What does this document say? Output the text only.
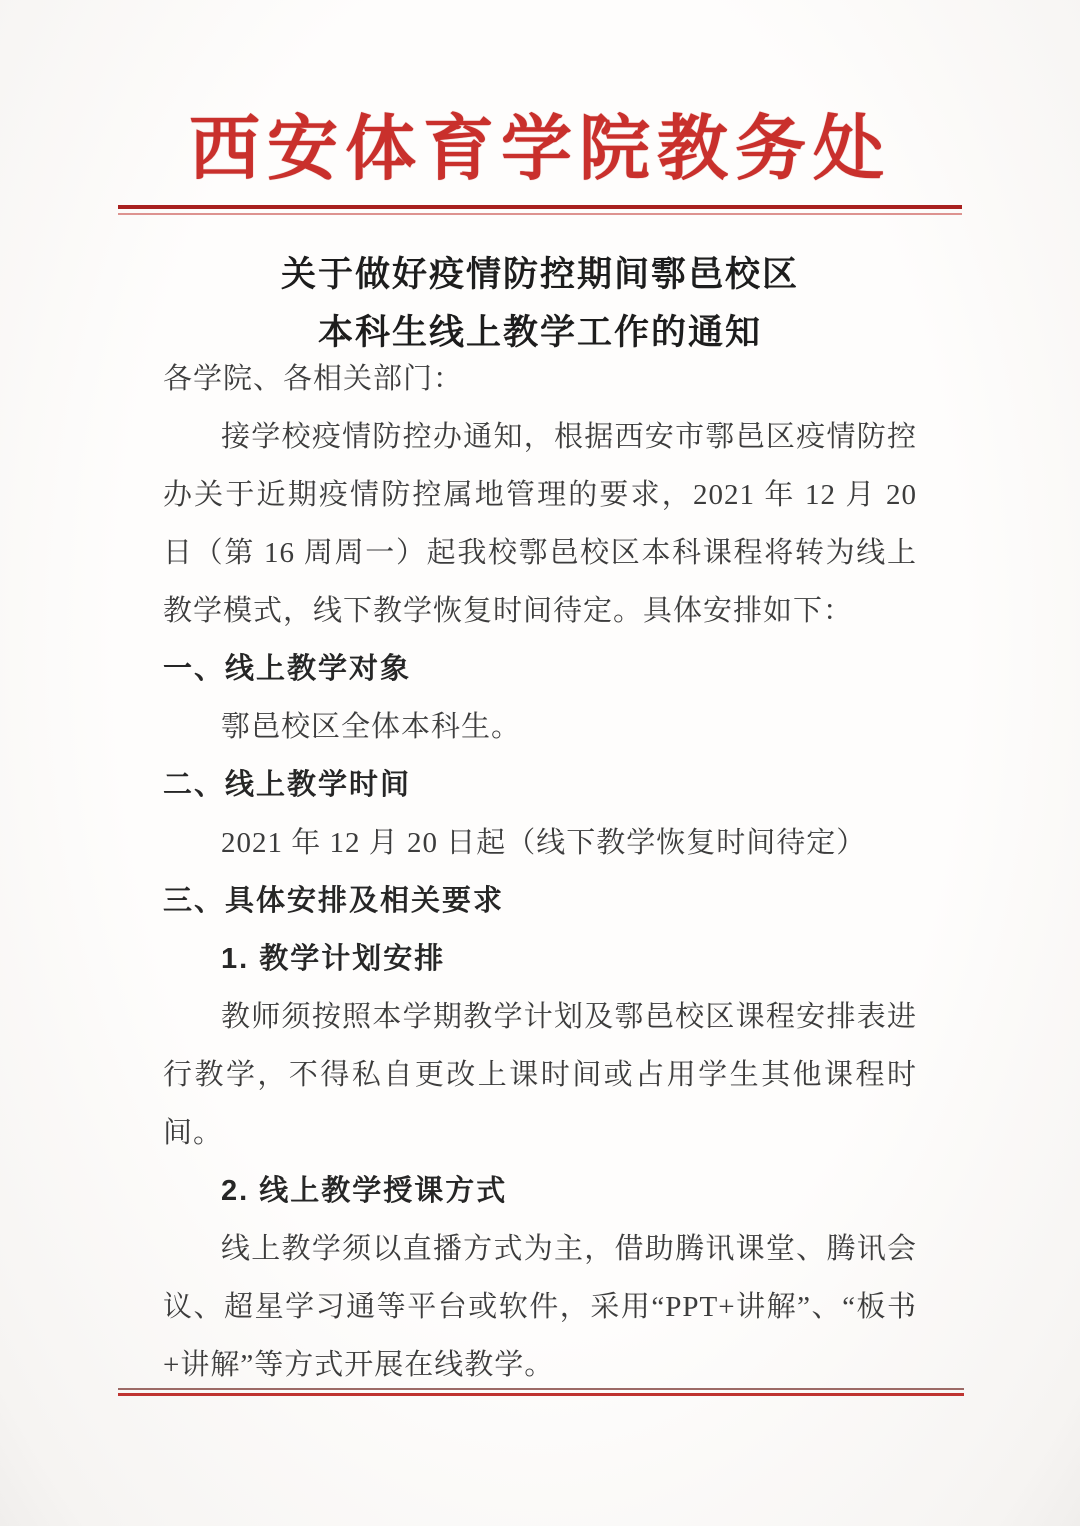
西安体育学院教务处
关于做好疫情防控期间鄠邑校区
本科生线上教学工作的通知
各学院、各相关部门：
接学校疫情防控办通知，根据西安市鄠邑区疫情防控办关于近期疫情防控属地管理的要求，2021 年 12 月 20 日（第 16 周周一）起我校鄠邑校区本科课程将转为线上教学模式，线下教学恢复时间待定。具体安排如下：
一、线上教学对象
鄠邑校区全体本科生。
二、线上教学时间
2021 年 12 月 20 日起（线下教学恢复时间待定）
三、具体安排及相关要求
1. 教学计划安排
教师须按照本学期教学计划及鄠邑校区课程安排表进行教学，不得私自更改上课时间或占用学生其他课程时间。
2. 线上教学授课方式
线上教学须以直播方式为主，借助腾讯课堂、腾讯会议、超星学习通等平台或软件，采用“PPT+讲解”、“板书+讲解”等方式开展在线教学。
